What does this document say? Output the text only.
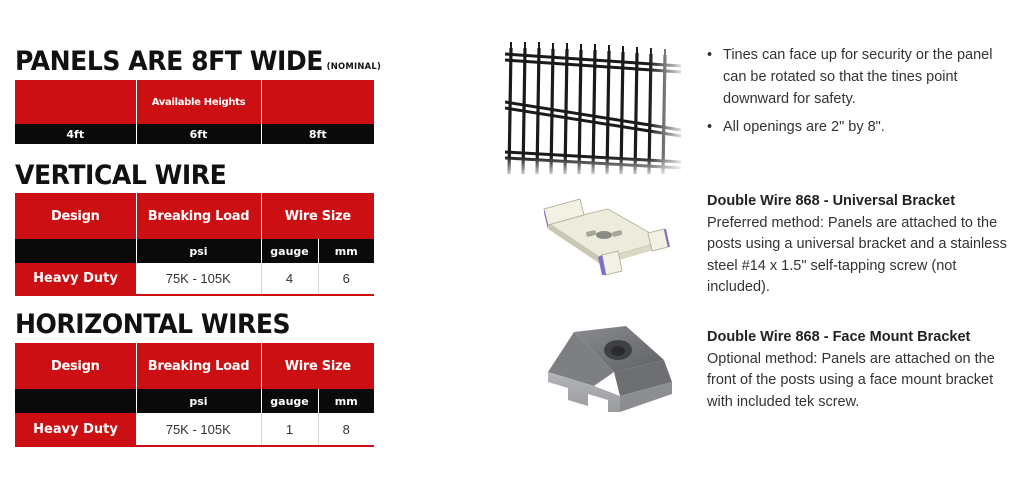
PANELS ARE 8FT WIDE (NOMINAL)
	Available Heights	
4ft	6ft	8ft
VERTICAL WIRE
Design	Breaking Load	Wire Size	
	psi	gauge	mm
Heavy Duty	75K - 105K	4	6
HORIZONTAL WIRES
Design	Breaking Load	Wire Size	
	psi	gauge	mm
Heavy Duty	75K - 105K	1	8
• Tines can face up for security or the panel can be rotated so that the tines point downward for safety.
• All openings are 2" by 8".
Double Wire 868 - Universal Bracket
Preferred method: Panels are attached to the posts using a universal bracket and a stainless steel #14 x 1.5" self-tapping screw (not included).
Double Wire 868 - Face Mount Bracket
Optional method: Panels are attached on the front of the posts using a face mount bracket with included tek screw.
